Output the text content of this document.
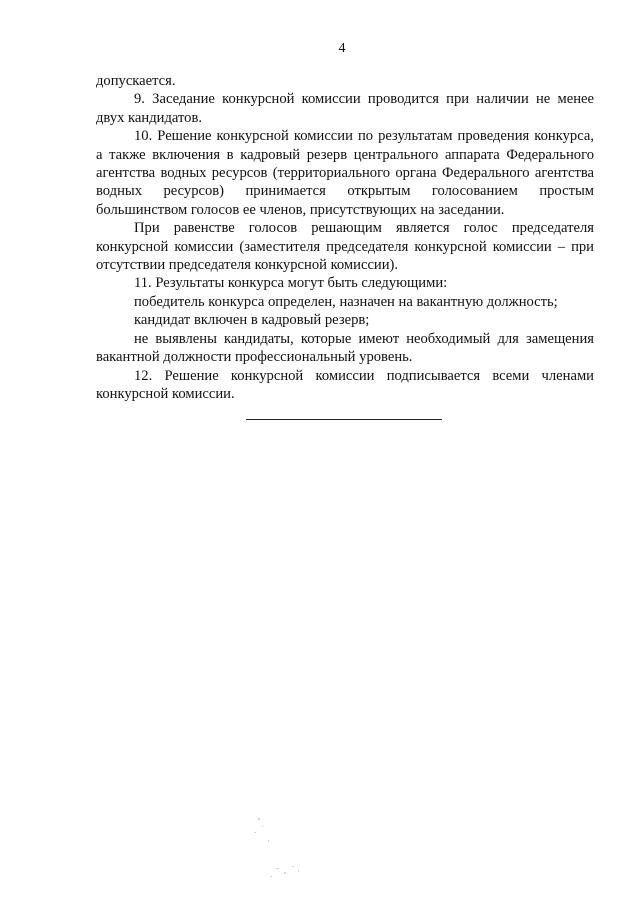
4

допускается.

9. Заседание конкурсной комиссии проводится при наличии не менее двух кандидатов.

10. Решение конкурсной комиссии по результатам проведения конкурса, а также включения в кадровый резерв центрального аппарата Федерального агентства водных ресурсов (территориального органа Федерального агентства водных ресурсов) принимается открытым голосованием простым большинством голосов ее членов, присутствующих на заседании.

При равенстве голосов решающим является голос председателя конкурсной комиссии (заместителя председателя конкурсной комиссии – при отсутствии председателя конкурсной комиссии).

11. Результаты конкурса могут быть следующими:

победитель конкурса определен, назначен на вакантную должность;

кандидат включен в кадровый резерв;

не выявлены кандидаты, которые имеют необходимый для замещения вакантной должности профессиональный уровень.

12. Решение конкурсной комиссии подписывается всеми членами конкурсной комиссии.
